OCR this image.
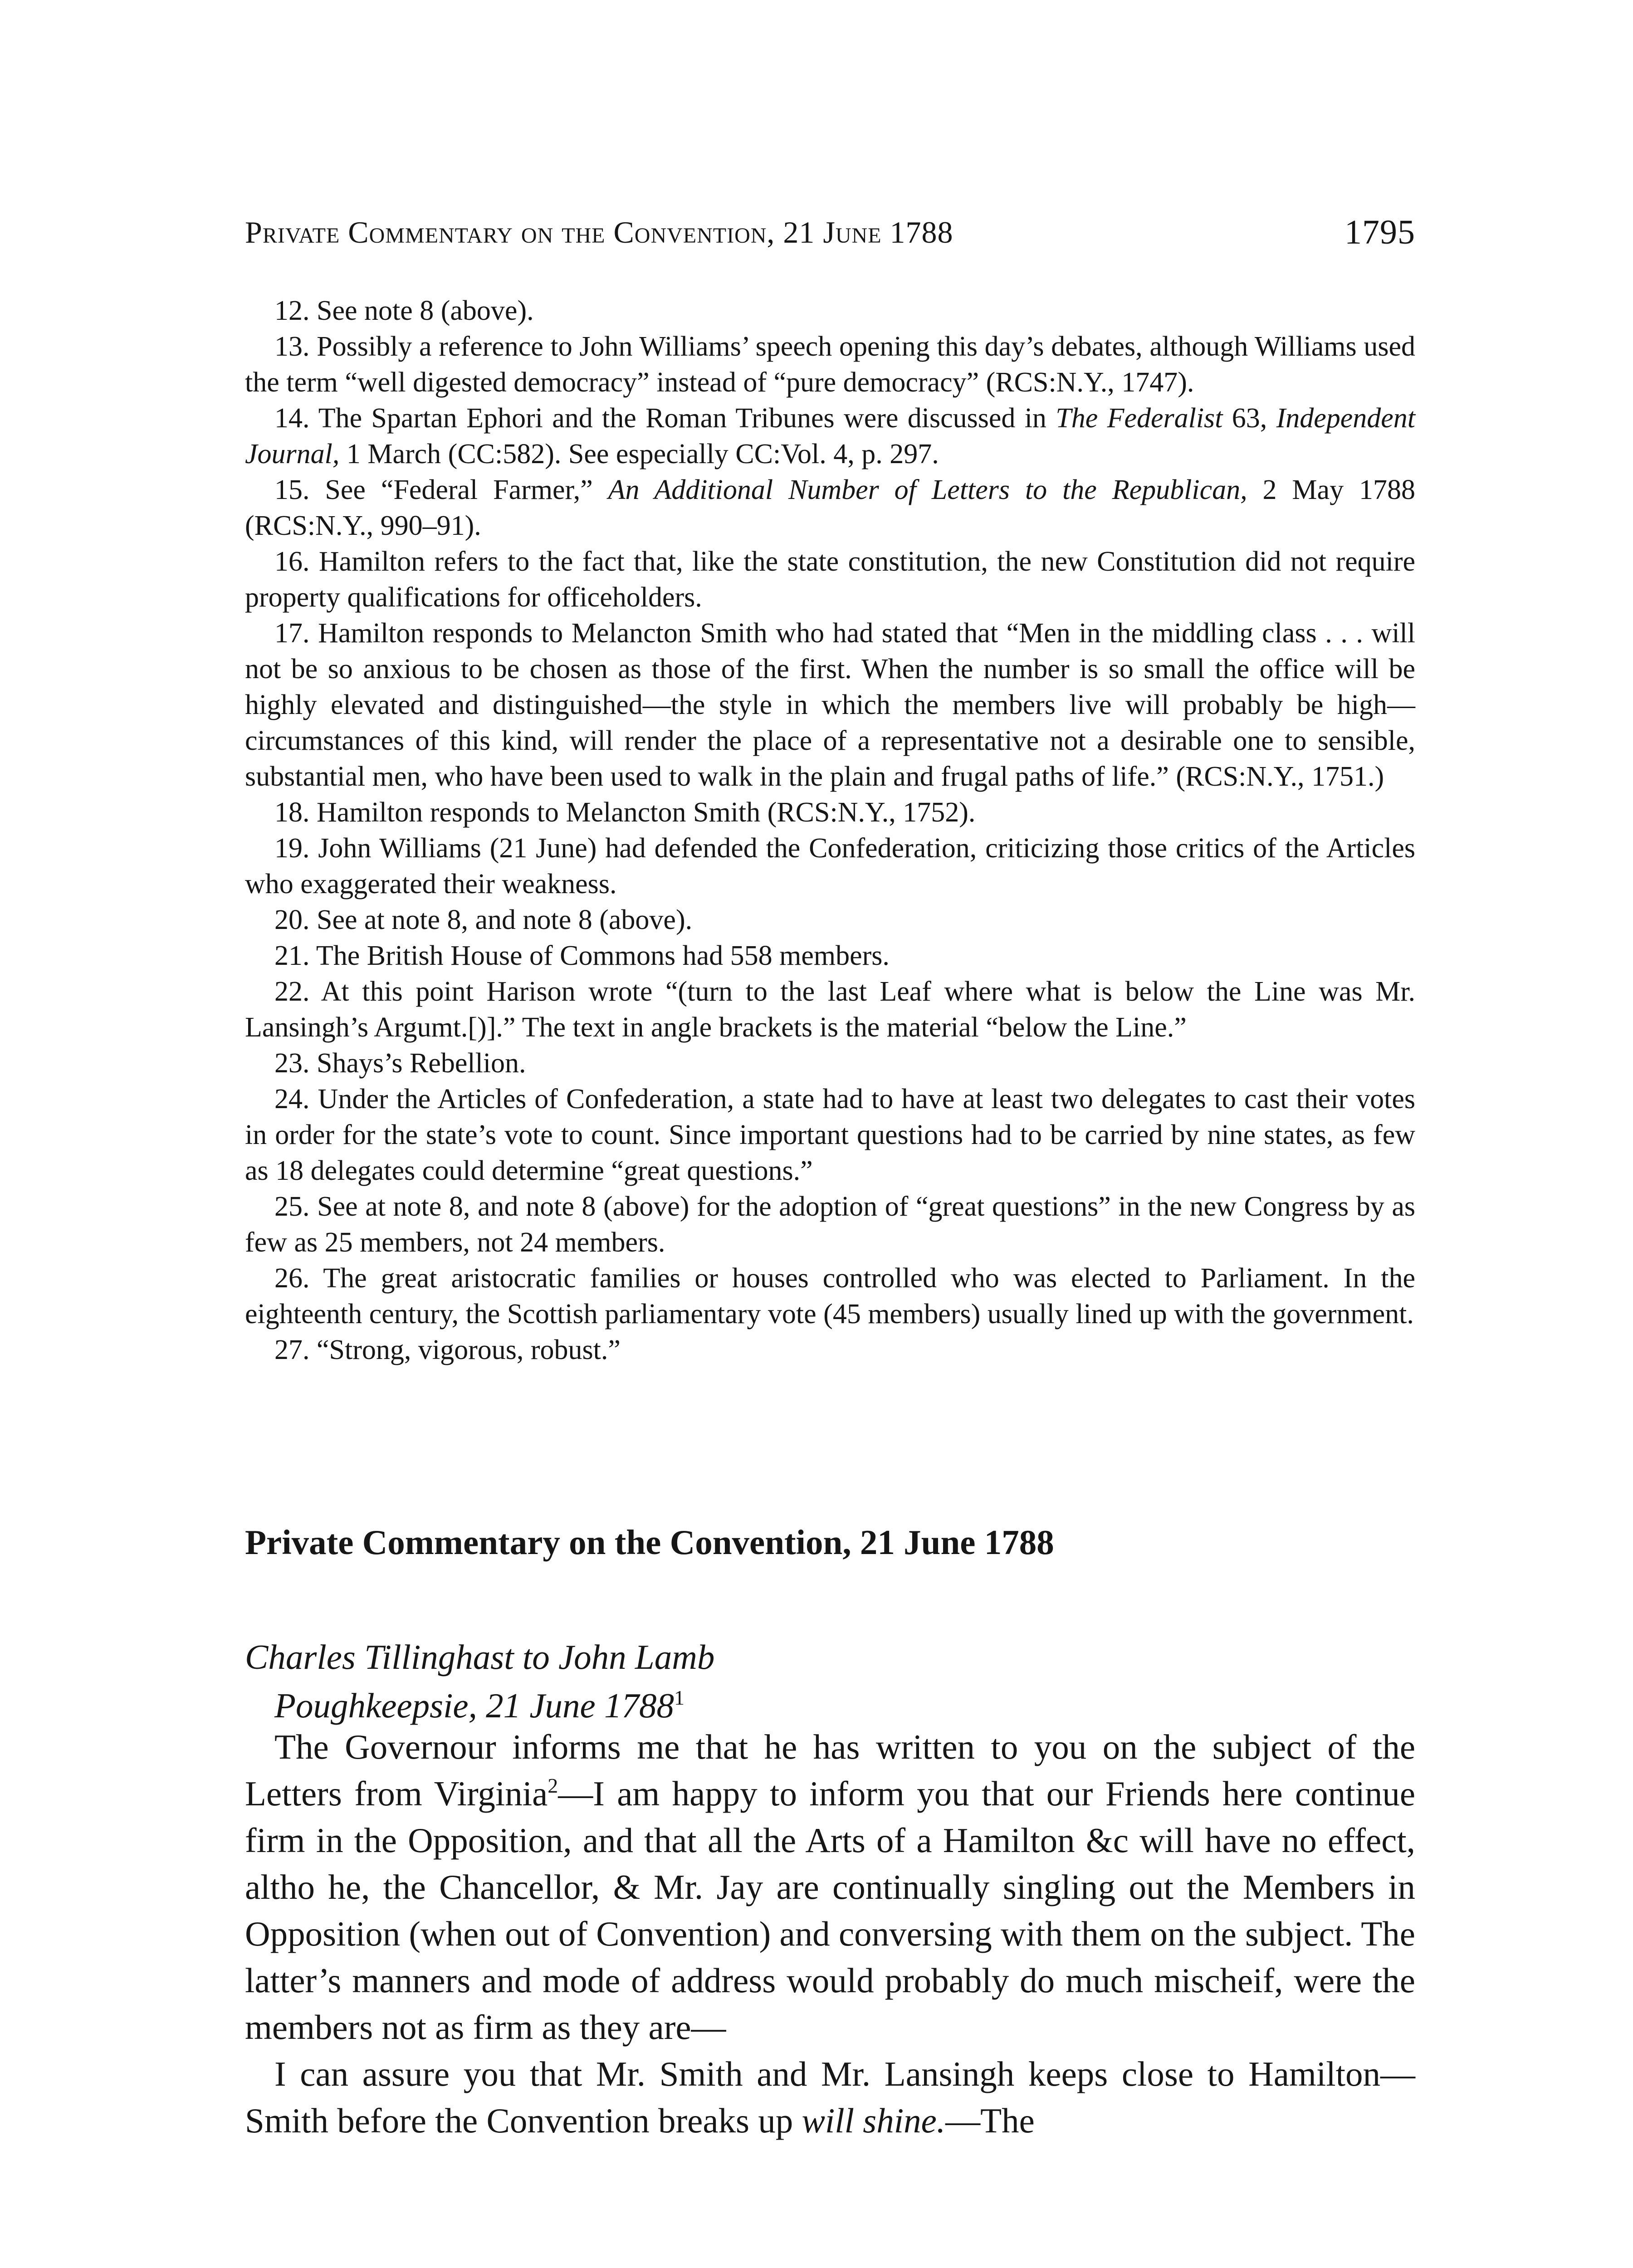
Private Commentary on the Convention, 21 June 1788	1795

12. See note 8 (above).

13. Possibly a reference to John Williams’ speech opening this day’s debates, although Williams used the term “well digested democracy” instead of “pure democracy” (RCS:N.Y., 1747).

14. The Spartan Ephori and the Roman Tribunes were discussed in The Federalist 63, Independent Journal, 1 March (CC:582). See especially CC:Vol. 4, p. 297.

15. See “Federal Farmer,” An Additional Number of Letters to the Republican, 2 May 1788 (RCS:N.Y., 990–91).

16. Hamilton refers to the fact that, like the state constitution, the new Constitution did not require property qualifications for officeholders.

17. Hamilton responds to Melancton Smith who had stated that “Men in the middling class . . . will not be so anxious to be chosen as those of the first. When the number is so small the office will be highly elevated and distinguished—the style in which the members live will probably be high—circumstances of this kind, will render the place of a representative not a desirable one to sensible, substantial men, who have been used to walk in the plain and frugal paths of life.” (RCS:N.Y., 1751.)

18. Hamilton responds to Melancton Smith (RCS:N.Y., 1752).

19. John Williams (21 June) had defended the Confederation, criticizing those critics of the Articles who exaggerated their weakness.

20. See at note 8, and note 8 (above).

21. The British House of Commons had 558 members.

22. At this point Harison wrote “(turn to the last Leaf where what is below the Line was Mr. Lansingh’s Argumt.[)].” The text in angle brackets is the material “below the Line.”

23. Shays’s Rebellion.

24. Under the Articles of Confederation, a state had to have at least two delegates to cast their votes in order for the state’s vote to count. Since important questions had to be carried by nine states, as few as 18 delegates could determine “great questions.”

25. See at note 8, and note 8 (above) for the adoption of “great questions” in the new Congress by as few as 25 members, not 24 members.

26. The great aristocratic families or houses controlled who was elected to Parliament. In the eighteenth century, the Scottish parliamentary vote (45 members) usually lined up with the government.

27. “Strong, vigorous, robust.”

Private Commentary on the Convention, 21 June 1788
Charles Tillinghast to John Lamb
Poughkeepsie, 21 June 1788$^1$

The Governour informs me that he has written to you on the subject of the Letters from Virginia$^2$—I am happy to inform you that our Friends here continue firm in the Opposition, and that all the Arts of a Hamilton &c will have no effect, altho he, the Chancellor, & Mr. Jay are continually singling out the Members in Opposition (when out of Convention) and conversing with them on the subject. The latter’s manners and mode of address would probably do much mischeif, were the members not as firm as they are—

I can assure you that Mr. Smith and Mr. Lansingh keeps close to Hamilton—Smith before the Convention breaks up will shine.—The
